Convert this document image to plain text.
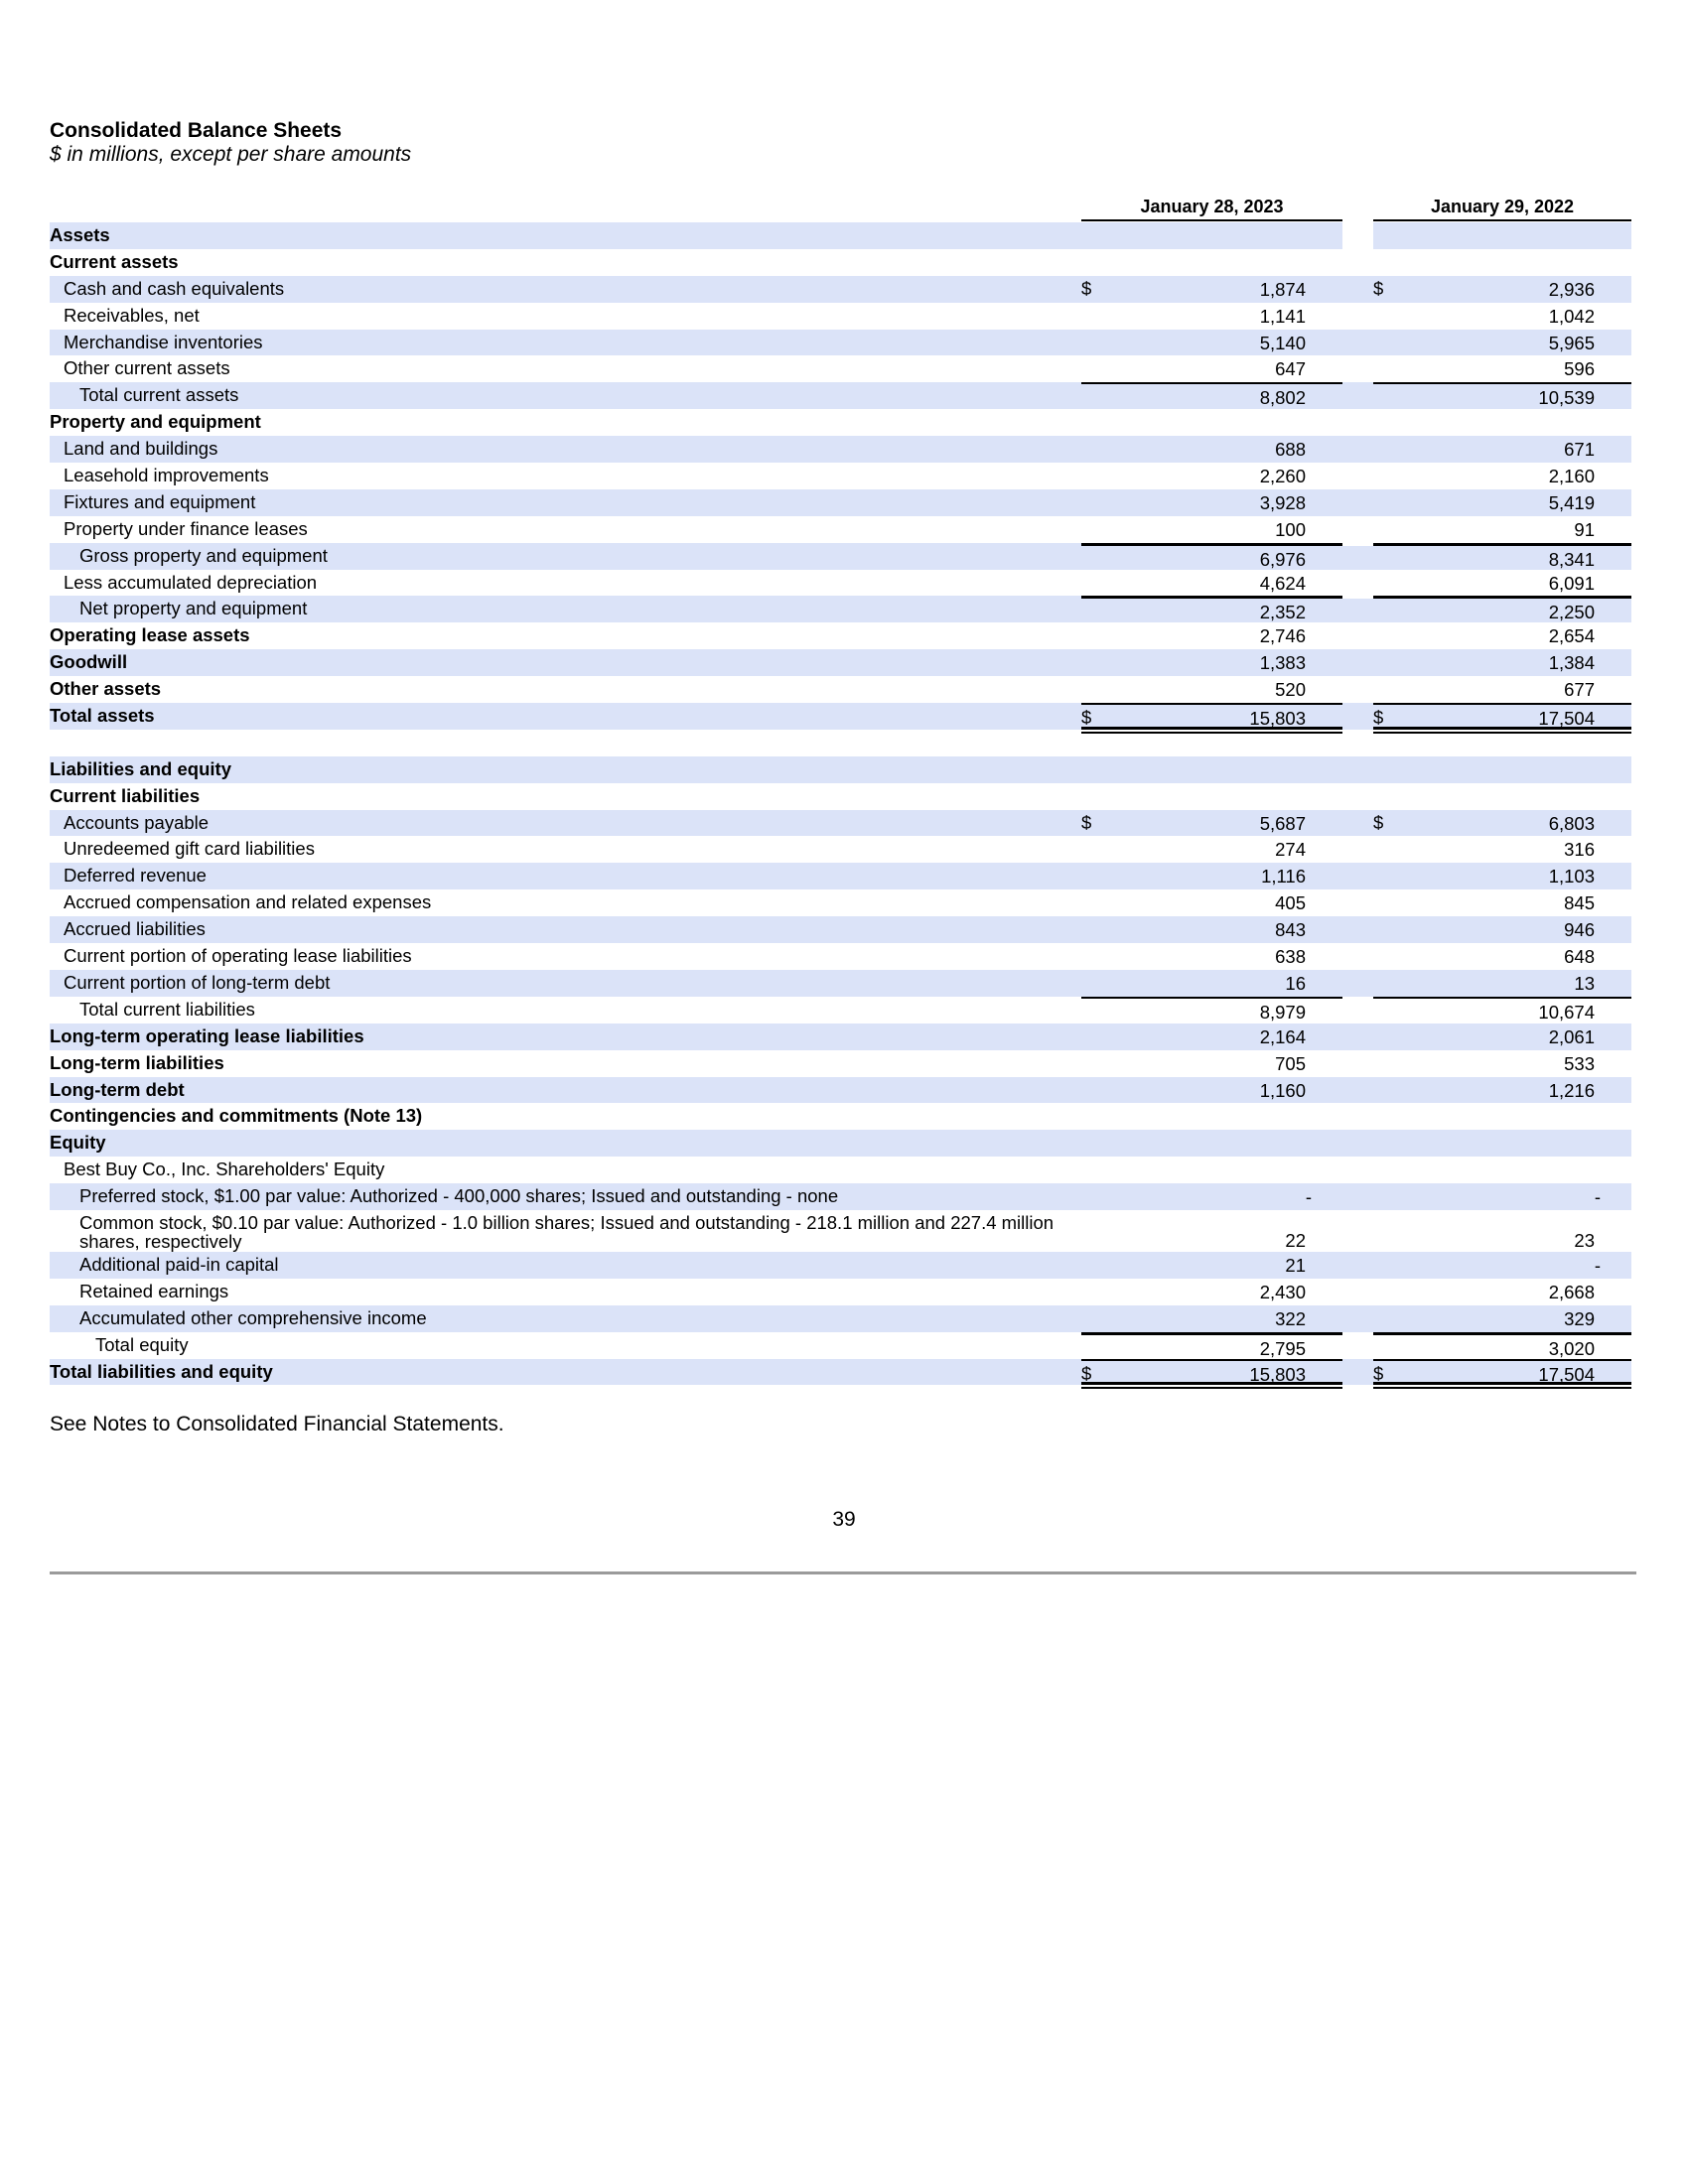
Consolidated Balance Sheets
$ in millions, except per share amounts
January 28, 2023	January 29, 2022
Assets
Current assets
Cash and cash equivalents	$	1,874	$	2,936
Receivables, net	1,141	1,042
Merchandise inventories	5,140	5,965
Other current assets	647	596
Total current assets	8,802	10,539
Property and equipment
Land and buildings	688	671
Leasehold improvements	2,260	2,160
Fixtures and equipment	3,928	5,419
Property under finance leases	100	91
Gross property and equipment	6,976	8,341
Less accumulated depreciation	4,624	6,091
Net property and equipment	2,352	2,250
Operating lease assets	2,746	2,654
Goodwill	1,383	1,384
Other assets	520	677
Total assets	$	15,803	$	17,504
Liabilities and equity
Current liabilities
Accounts payable	$	5,687	$	6,803
Unredeemed gift card liabilities	274	316
Deferred revenue	1,116	1,103
Accrued compensation and related expenses	405	845
Accrued liabilities	843	946
Current portion of operating lease liabilities	638	648
Current portion of long-term debt	16	13
Total current liabilities	8,979	10,674
Long-term operating lease liabilities	2,164	2,061
Long-term liabilities	705	533
Long-term debt	1,160	1,216
Contingencies and commitments (Note 13)
Equity
Best Buy Co., Inc. Shareholders' Equity
Preferred stock, $1.00 par value: Authorized - 400,000 shares; Issued and outstanding - none	-	-
Common stock, $0.10 par value: Authorized - 1.0 billion shares; Issued and outstanding - 218.1 million and 227.4 million shares, respectively	22	23
Additional paid-in capital	21	-
Retained earnings	2,430	2,668
Accumulated other comprehensive income	322	329
Total equity	2,795	3,020
Total liabilities and equity	$	15,803	$	17,504
See Notes to Consolidated Financial Statements.
39
